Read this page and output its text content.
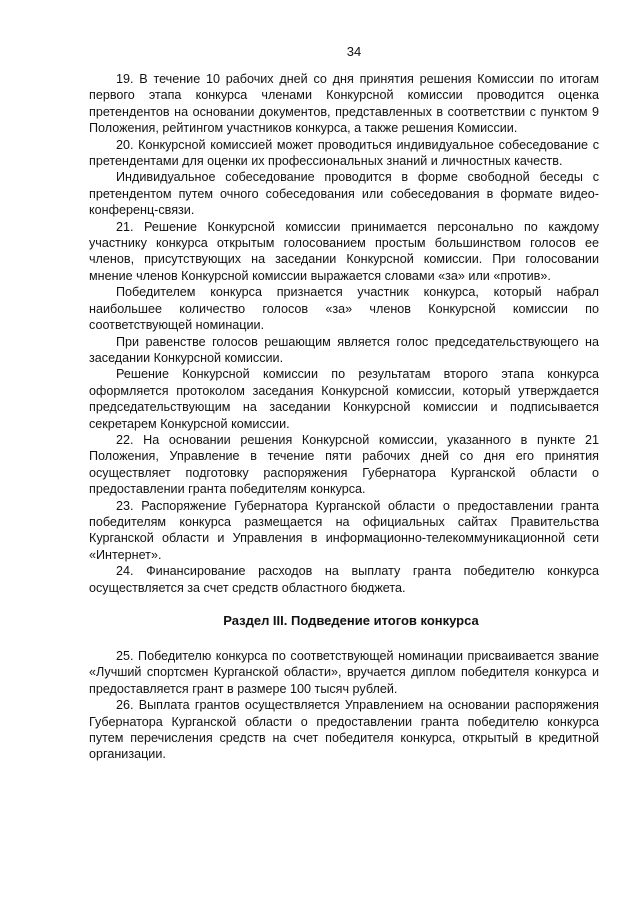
34

19. В течение 10 рабочих дней со дня принятия решения Комиссии по итогам первого этапа конкурса членами Конкурсной комиссии проводится оценка претендентов на основании документов, представленных в соответствии с пунктом 9 Положения, рейтингом участников конкурса, а также решения Комиссии.

20. Конкурсной комиссией может проводиться индивидуальное собеседование с претендентами для оценки их профессиональных знаний и личностных качеств.

Индивидуальное собеседование проводится в форме свободной беседы с претендентом путем очного собеседования или собеседования в формате видео-конференц-связи.

21. Решение Конкурсной комиссии принимается персонально по каждому участнику конкурса открытым голосованием простым большинством голосов ее членов, присутствующих на заседании Конкурсной комиссии. При голосовании мнение членов Конкурсной комиссии выражается словами «за» или «против».

Победителем конкурса признается участник конкурса, который набрал наибольшее количество голосов «за» членов Конкурсной комиссии по соответствующей номинации.

При равенстве голосов решающим является голос председательствующего на заседании Конкурсной комиссии.

Решение Конкурсной комиссии по результатам второго этапа конкурса оформляется протоколом заседания Конкурсной комиссии, который утверждается председательствующим на заседании Конкурсной комиссии и подписывается секретарем Конкурсной комиссии.

22. На основании решения Конкурсной комиссии, указанного в пункте 21 Положения, Управление в течение пяти рабочих дней со дня его принятия осуществляет подготовку распоряжения Губернатора Курганской области о предоставлении гранта победителям конкурса.

23. Распоряжение Губернатора Курганской области о предоставлении гранта победителям конкурса размещается на официальных сайтах Правительства Курганской области и Управления в информационно-телекоммуникационной сети «Интернет».

24. Финансирование расходов на выплату гранта победителю конкурса осуществляется за счет средств областного бюджета.

Раздел III. Подведение итогов конкурса

25. Победителю конкурса по соответствующей номинации присваивается звание «Лучший спортсмен Курганской области», вручается диплом победителя конкурса и предоставляется грант в размере 100 тысяч рублей.

26. Выплата грантов осуществляется Управлением на основании распоряжения Губернатора Курганской области о предоставлении гранта победителю конкурса путем перечисления средств на счет победителя конкурса, открытый в кредитной организации.
